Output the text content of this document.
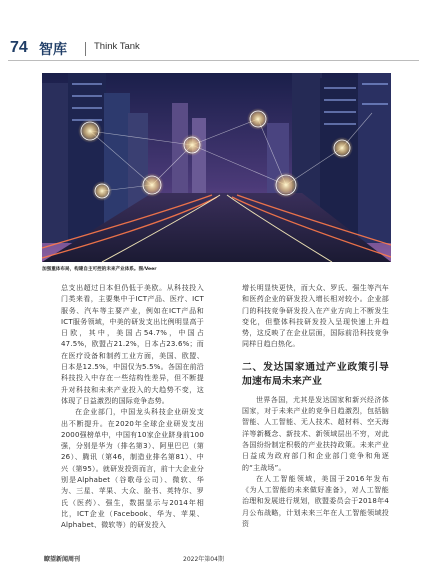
74 智库	Think Tank
加强重体布局，构建自主可控的未来产业体系。图/Veer

总支出超过日本但仍低于美欧。从科技投入门类来看，主要集中于ICT产品、医疗、ICT服务、汽车等主要产业，例如在ICT产品和ICT服务领域，中美的研发支出比例明显高于日欧，其中，美国占54.7%，中国占47.5%，欧盟占21.2%，日本占23.6%；而在医疗设备和制药工业方面，美国、欧盟、日本是12.5%，中国仅为5.5%。各国在前沿科技投入中存在一些结构性差异，但不断提升对科技和未来产业投入的大趋势不变，这体现了日益激烈的国际竞争态势。

在企业部门，中国龙头科技企业研发支出不断提升。在2020年全球企业研发支出2000强榜单中，中国有10家企业跻身前100强，分别是华为（排名第3）、阿里巴巴（第26）、腾讯（第46，制造业排名第81）、中兴（第95）。就研发投资而言，前十大企业分别是Alphabet（谷歌母公司）、微软、华为、三星、苹果、大众、脸书、英特尔、罗氏（医药）、强生，数据显示与2014年相比，ICT企业（Facebook、华为、苹果、Alphabet、微软等）的研发投入

增长明显快更快，而大众、罗氏、强生等汽车和医药企业的研发投入增长相对较小。企业部门的科技竞争研发投入在产业方向上不断发生变化，但整体科技研发投入呈现快速上升趋势，这反映了在企业层面，国际前沿科技竞争同样日趋白热化。

二、发达国家通过产业政策引导加速布局未来产业

世界各国，尤其是发达国家和新兴经济体国家，对于未来产业的竞争日趋激烈，包括脑智能、人工智能、无人技术、超材料、空天海洋等新概念、新技术、新领域层出不穷，对此各国纷纷制定积极的产业扶持政策。未来产业日益成为政府部门和企业部门竞争和角逐的“主战场”。

在人工智能领域，美国于2016年发布《为人工智能的未来做好准备》，对人工智能治理和发展进行规划，欧盟委员会于2018年4月公布战略，计划未来三年在人工智能领域投资

瞭望新闻周刊	2022年第04期
